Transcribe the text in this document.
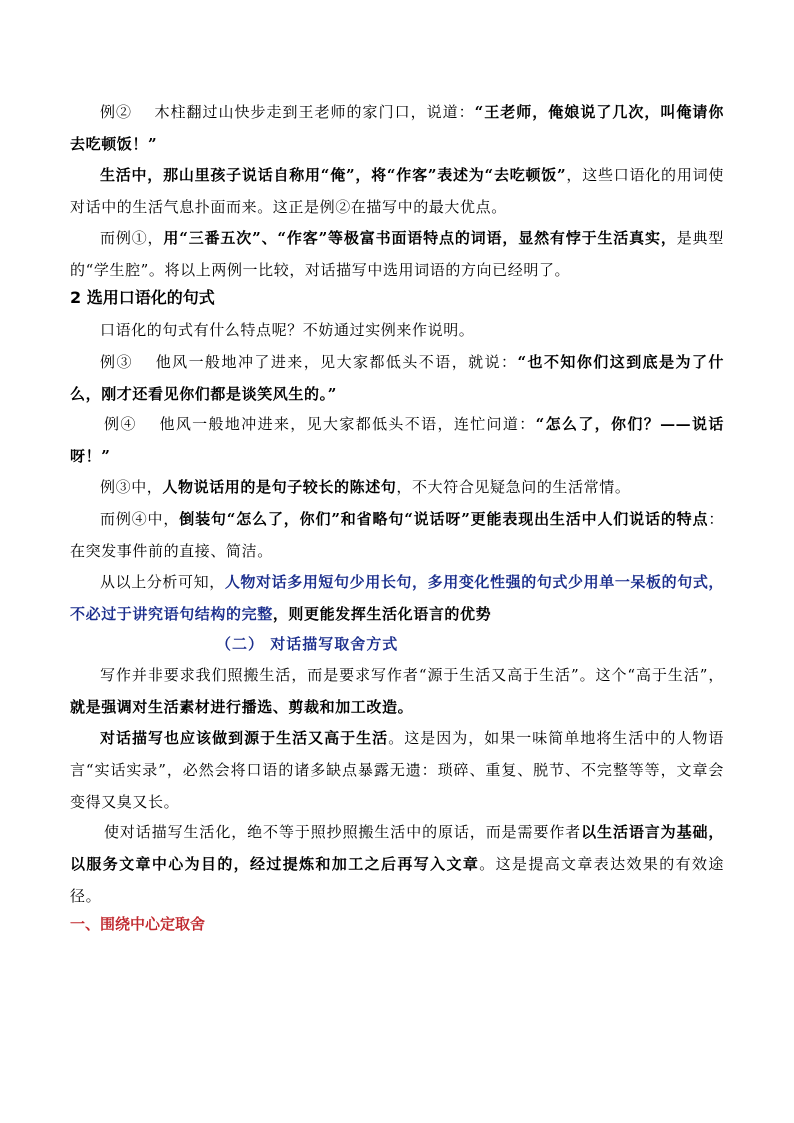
例② 木柱翻过山快步走到王老师的家门口，说道：“王老师，俺娘说了几次，叫俺请你去吃顿饭！”
生活中，那山里孩子说话自称用“俺”，将“作客”表述为“去吃顿饭”，这些口语化的用词使对话中的生活气息扑面而来。这正是例②在描写中的最大优点。
而例①，用“三番五次”、“作客”等极富书面语特点的词语，显然有悖于生活真实，是典型的“学生腔”。将以上两例一比较，对话描写中选用词语的方向已经明了。
2 选用口语化的句式
口语化的句式有什么特点呢？不妨通过实例来作说明。
例③ 他风一般地冲了进来，见大家都低头不语，就说：“也不知你们这到底是为了什么，刚才还看见你们都是谈笑风生的。”
例④ 他风一般地冲进来，见大家都低头不语，连忙问道：“怎么了，你们？——说话呀！”
例③中，人物说话用的是句子较长的陈述句，不大符合见疑急问的生活常情。
而例④中，倒装句“怎么了，你们”和省略句“说话呀”更能表现出生活中人们说话的特点：在突发事件前的直接、简洁。
从以上分析可知，人物对话多用短句少用长句，多用变化性强的句式少用单一呆板的句式，不必过于讲究语句结构的完整，则更能发挥生活化语言的优势
（二） 对话描写取舍方式
写作并非要求我们照搬生活，而是要求写作者“源于生活又高于生活”。这个“高于生活”，就是强调对生活素材进行播选、剪裁和加工改造。
对话描写也应该做到源于生活又高于生活。这是因为，如果一味简单地将生活中的人物语言“实话实录”，必然会将口语的诸多缺点暴露无遗：琐碎、重复、脱节、不完整等等，文章会变得又臭又长。
使对话描写生活化，绝不等于照抄照搬生活中的原话，而是需要作者以生活语言为基础，以服务文章中心为目的，经过提炼和加工之后再写入文章。这是提高文章表达效果的有效途径。
一、围绕中心定取舍
